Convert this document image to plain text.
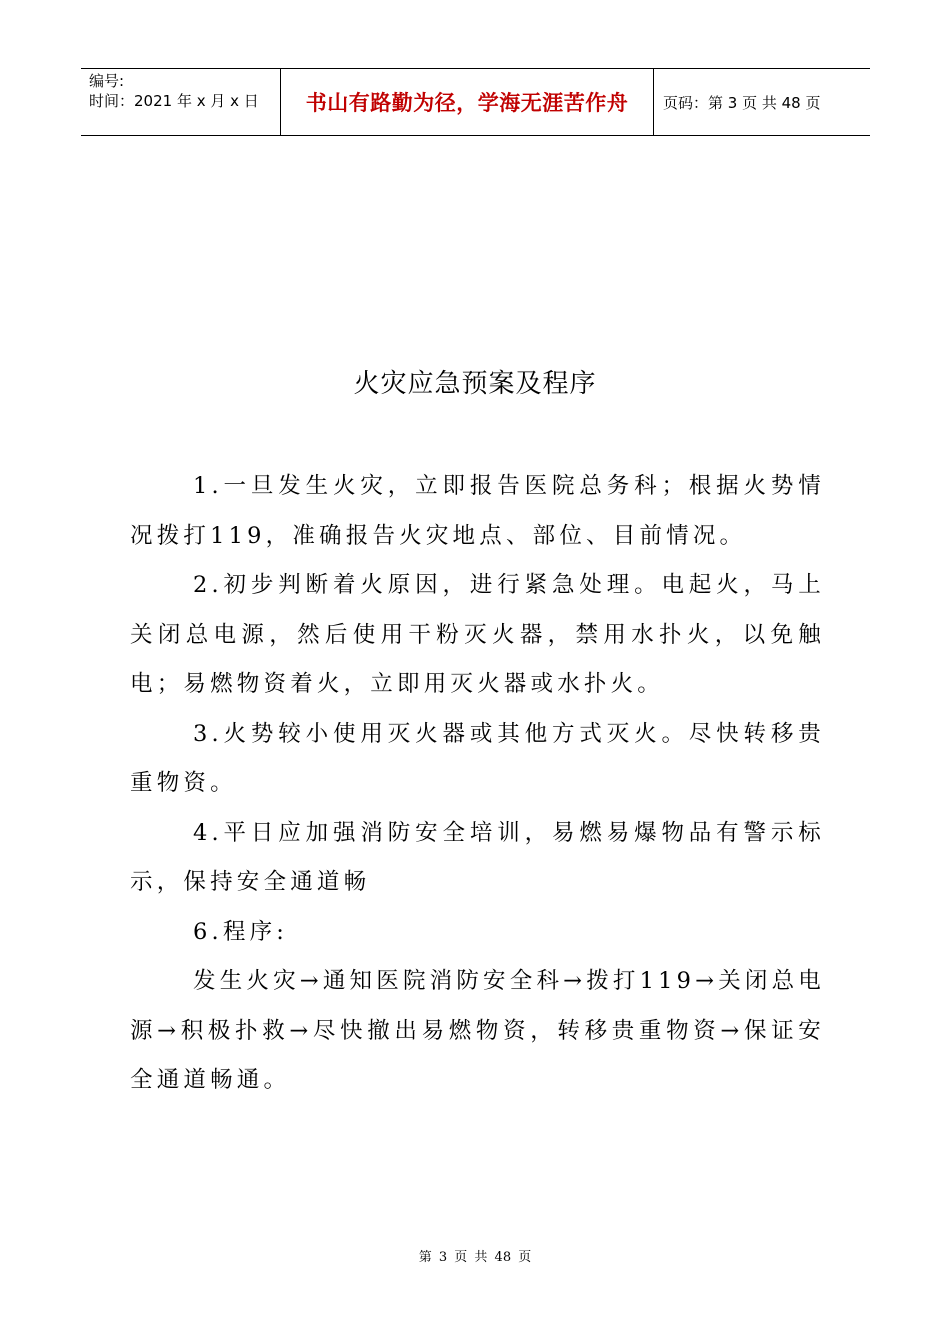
编号:
时间：2021 年 x 月 x 日	书山有路勤为径，学海无涯苦作舟 页码：第 3 页 共 48 页
火灾应急预案及程序

1.一旦发生火灾，立即报告医院总务科；根据火势情况拨打119，准确报告火灾地点、部位、目前情况。

2.初步判断着火原因，进行紧急处理。电起火，马上关闭总电源，然后使用干粉灭火器，禁用水扑火，以免触电；易燃物资着火，立即用灭火器或水扑火。

3.火势较小使用灭火器或其他方式灭火。尽快转移贵重物资。

4.平日应加强消防安全培训，易燃易爆物品有警示标示，保持安全通道畅

6.程序:

发生火灾→通知医院消防安全科→拨打119→关闭总电源→积极扑救→尽快撤出易燃物资，转移贵重物资→保证安全通道畅通。

第 3 页 共 48 页
